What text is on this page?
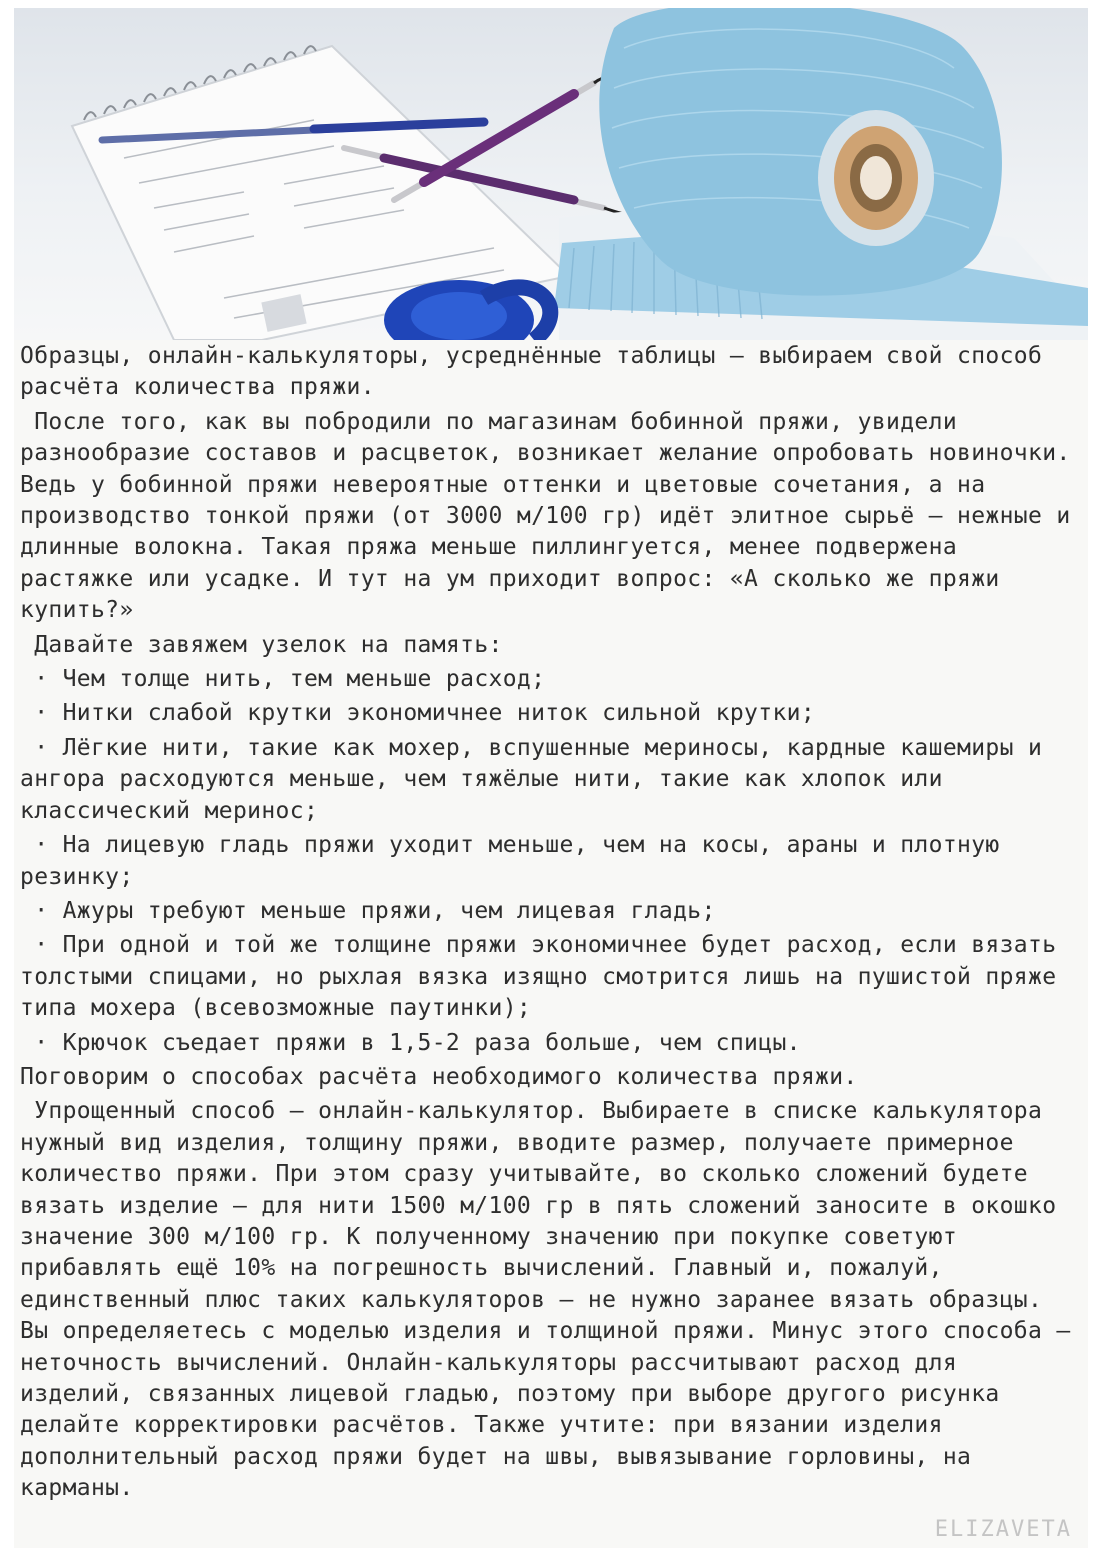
Образцы, онлайн-калькуляторы, усреднённые таблицы – выбираем свой способ расчёта количества пряжи.

После того, как вы побродили по магазинам бобинной пряжи, увидели разнообразие составов и расцветок, возникает желание опробовать новиночки. Ведь у бобинной пряжи невероятные оттенки и цветовые сочетания, а на производство тонкой пряжи (от 3000 м/100 гр) идёт элитное сырьё – нежные и длинные волокна. Такая пряжа меньше пиллингуется, менее подвержена растяжке или усадке. И тут на ум приходит вопрос: «А сколько же пряжи купить?»

Давайте завяжем узелок на память:

· Чем толще нить, тем меньше расход;

· Нитки слабой крутки экономичнее ниток сильной крутки;

· Лёгкие нити, такие как мохер, вспушенные мериносы, кардные кашемиры и ангора расходуются меньше, чем тяжёлые нити, такие как хлопок или классический меринос;

· На лицевую гладь пряжи уходит меньше, чем на косы, араны и плотную резинку;

· Ажуры требуют меньше пряжи, чем лицевая гладь;

· При одной и той же толщине пряжи экономичнее будет расход, если вязать толстыми спицами, но рыхлая вязка изящно смотрится лишь на пушистой пряже типа мохера (всевозможные паутинки);

· Крючок съедает пряжи в 1,5-2 раза больше, чем спицы.

Поговорим о способах расчёта необходимого количества пряжи.

Упрощенный способ – онлайн-калькулятор. Выбираете в списке калькулятора нужный вид изделия, толщину пряжи, вводите размер, получаете примерное количество пряжи. При этом сразу учитывайте, во сколько сложений будете вязать изделие – для нити 1500 м/100 гр в пять сложений заносите в окошко значение 300 м/100 гр. К полученному значению при покупке советуют прибавлять ещё 10% на погрешность вычислений. Главный и, пожалуй, единственный плюс таких калькуляторов – не нужно заранее вязать образцы. Вы определяетесь с моделью изделия и толщиной пряжи. Минус этого способа – неточность вычислений. Онлайн-калькуляторы рассчитывают расход для изделий, связанных лицевой гладью, поэтому при выборе другого рисунка делайте корректировки расчётов. Также учтите: при вязании изделия дополнительный расход пряжи будет на швы, вывязывание горловины, на карманы.

ELIZAVETA
